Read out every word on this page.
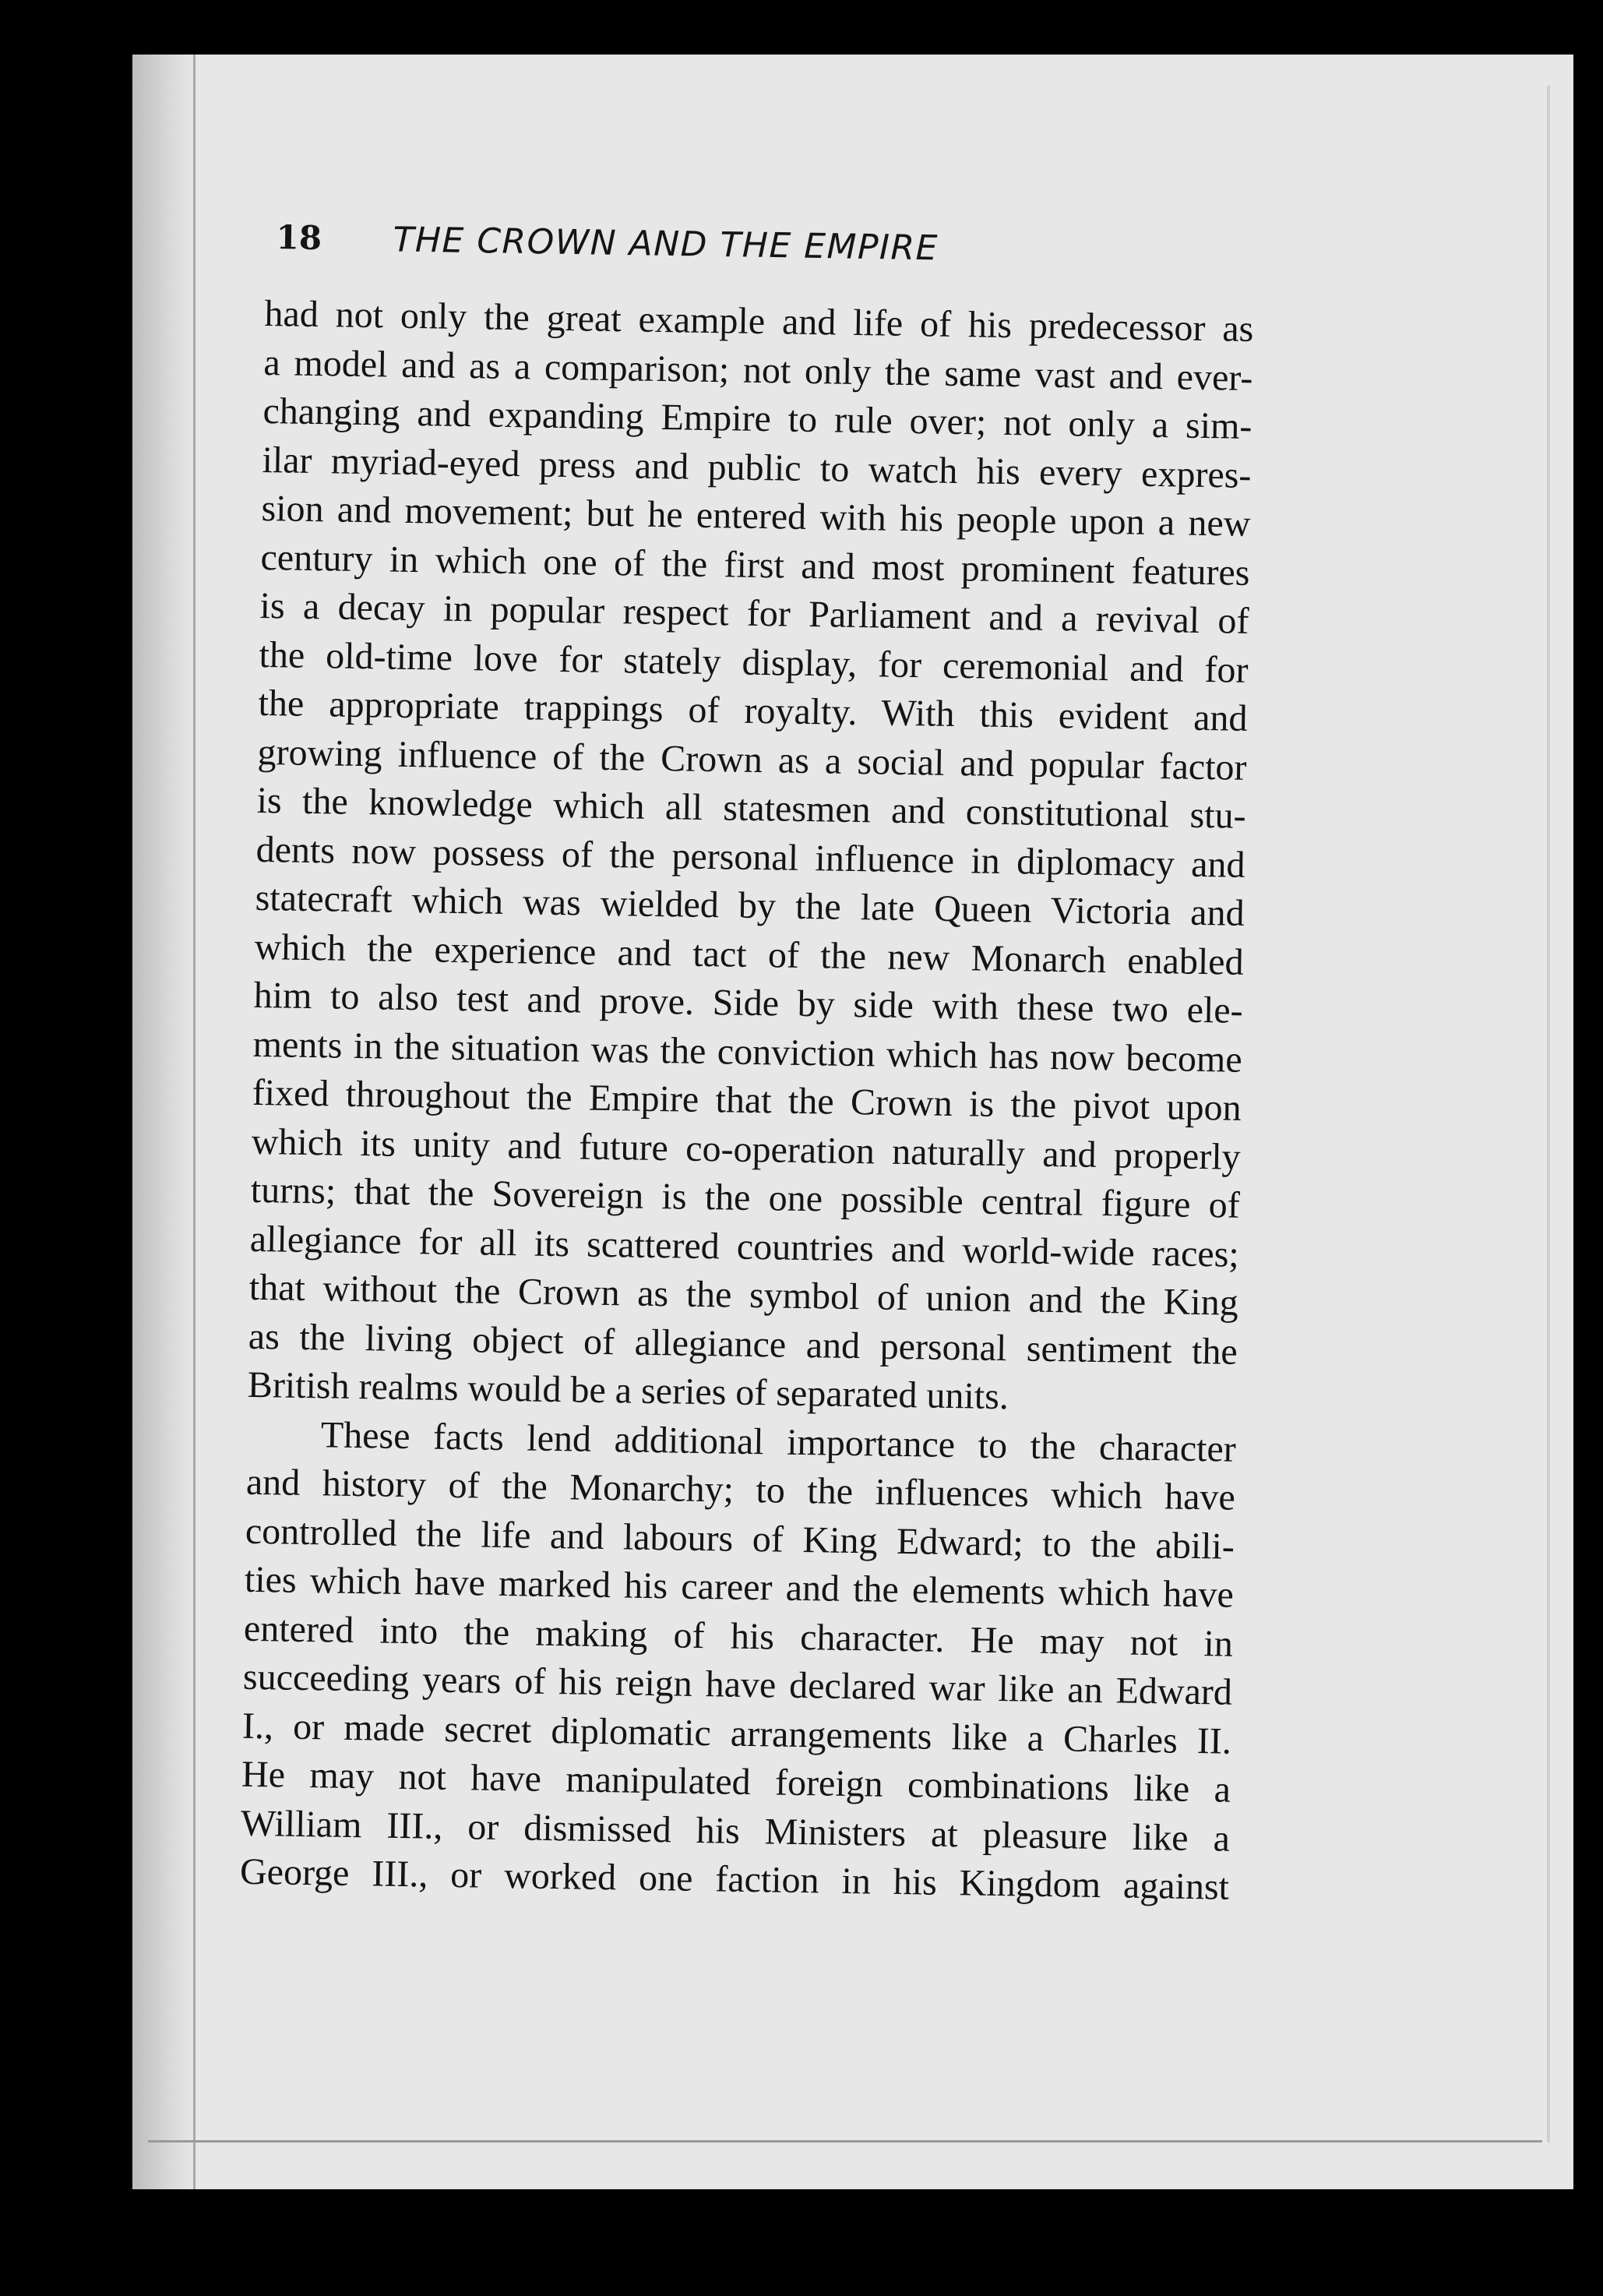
18 THE CROWN AND THE EMPIRE
had not only the great example and life of his predecessor as
a model and as a comparison; not only the same vast and ever-
changing and expanding Empire to rule over; not only a sim-
ilar myriad-eyed press and public to watch his every expres-
sion and movement; but he entered with his people upon a new
century in which one of the first and most prominent features
is a decay in popular respect for Parliament and a revival of
the old-time love for stately display, for ceremonial and for
the appropriate trappings of royalty. With this evident and
growing influence of the Crown as a social and popular factor
is the knowledge which all statesmen and constitutional stu-
dents now possess of the personal influence in diplomacy and
statecraft which was wielded by the late Queen Victoria and
which the experience and tact of the new Monarch enabled
him to also test and prove. Side by side with these two ele-
ments in the situation was the conviction which has now become
fixed throughout the Empire that the Crown is the pivot upon
which its unity and future co-operation naturally and properly
turns; that the Sovereign is the one possible central figure of
allegiance for all its scattered countries and world-wide races;
that without the Crown as the symbol of union and the King
as the living object of allegiance and personal sentiment the
British realms would be a series of separated units.
These facts lend additional importance to the character
and history of the Monarchy; to the influences which have
controlled the life and labours of King Edward; to the abili-
ties which have marked his career and the elements which have
entered into the making of his character. He may not in
succeeding years of his reign have declared war like an Edward
I., or made secret diplomatic arrangements like a Charles II.
He may not have manipulated foreign combinations like a
William III., or dismissed his Ministers at pleasure like a
George III., or worked one faction in his Kingdom against
